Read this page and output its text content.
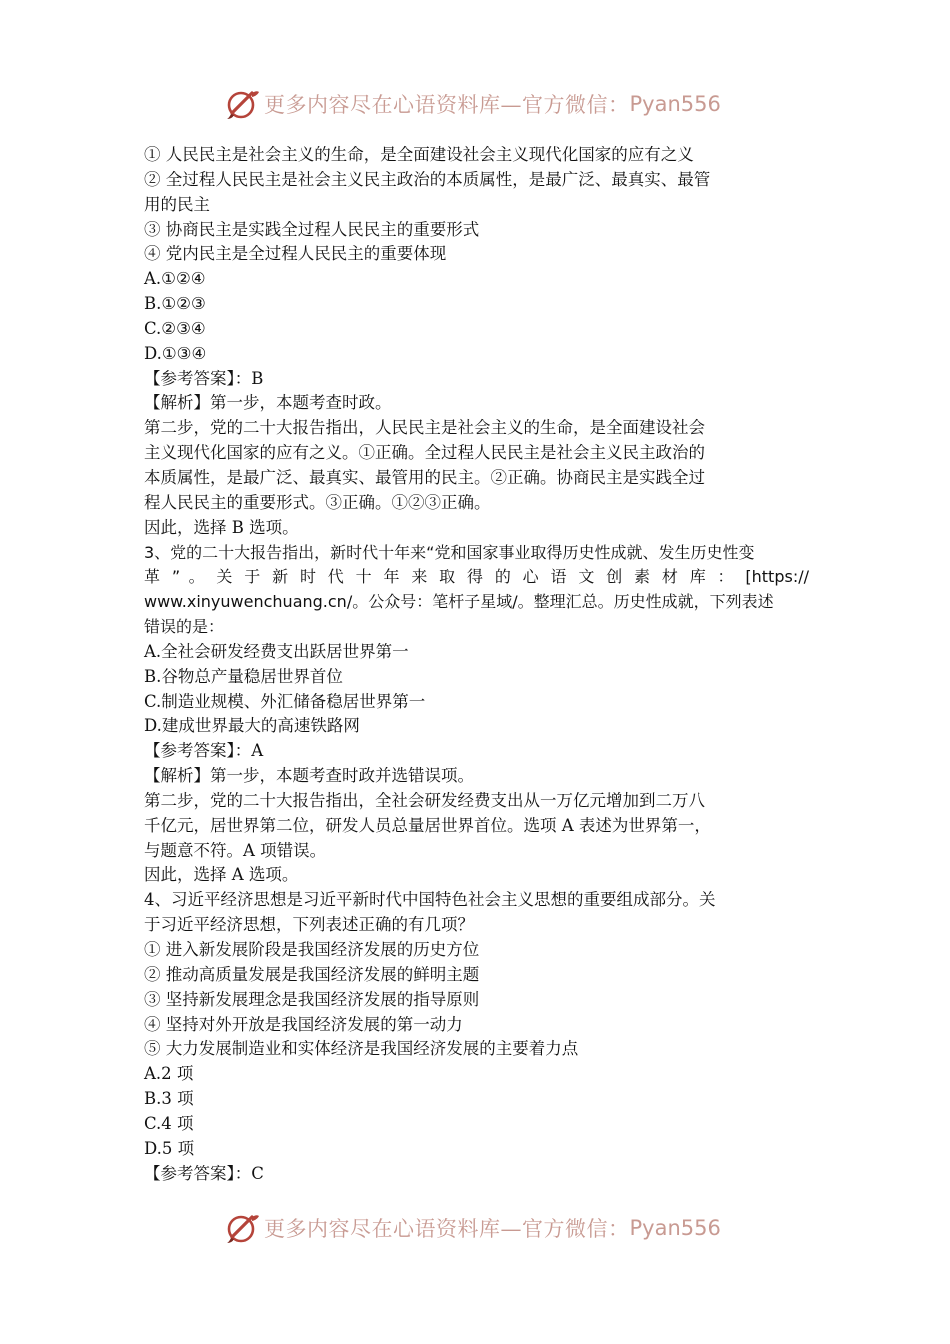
更多内容尽在心语资料库—官方微信： Pyan556
① 人民民主是社会主义的生命，是全面建设社会主义现代化国家的应有之义
② 全过程人民民主是社会主义民主政治的本质属性，是最广泛、最真实、最管
用的民主
③ 协商民主是实践全过程人民民主的重要形式
④ 党内民主是全过程人民民主的重要体现
A.①②④
B.①②③
C.②③④
D.①③④
【参考答案】：B
【解析】第一步，本题考查时政。
第二步，党的二十大报告指出，人民民主是社会主义的生命，是全面建设社会
主义现代化国家的应有之义。①正确。全过程人民民主是社会主义民主政治的
本质属性，是最广泛、最真实、最管用的民主。②正确。协商民主是实践全过
程人民民主的重要形式。③正确。①②③正确。
因此，选择 B 选项。
3、党的二十大报告指出，新时代十年来“党和国家事业取得历史性成就、发生历史性变
革 ” 。 关 于 新 时 代 十 年 来 取 得 的 心 语 文 创 素 材 库 ： [https://
www.xinyuwenchuang.cn/。公众号：笔杆子星域/。整理汇总。历史性成就，下列表述
错误的是：
A.全社会研发经费支出跃居世界第一
B.谷物总产量稳居世界首位
C.制造业规模、外汇储备稳居世界第一
D.建成世界最大的高速铁路网
【参考答案】：A
【解析】第一步，本题考查时政并选错误项。
第二步，党的二十大报告指出，全社会研发经费支出从一万亿元增加到二万八
千亿元，居世界第二位，研发人员总量居世界首位。选项 A 表述为世界第一，
与题意不符。A 项错误。
因此，选择 A 选项。
4、习近平经济思想是习近平新时代中国特色社会主义思想的重要组成部分。关
于习近平经济思想，下列表述正确的有几项？
① 进入新发展阶段是我国经济发展的历史方位
② 推动高质量发展是我国经济发展的鲜明主题
③ 坚持新发展理念是我国经济发展的指导原则
④ 坚持对外开放是我国经济发展的第一动力
⑤ 大力发展制造业和实体经济是我国经济发展的主要着力点
A.2 项
B.3 项
C.4 项
D.5 项
【参考答案】：C
更多内容尽在心语资料库—官方微信： Pyan556
